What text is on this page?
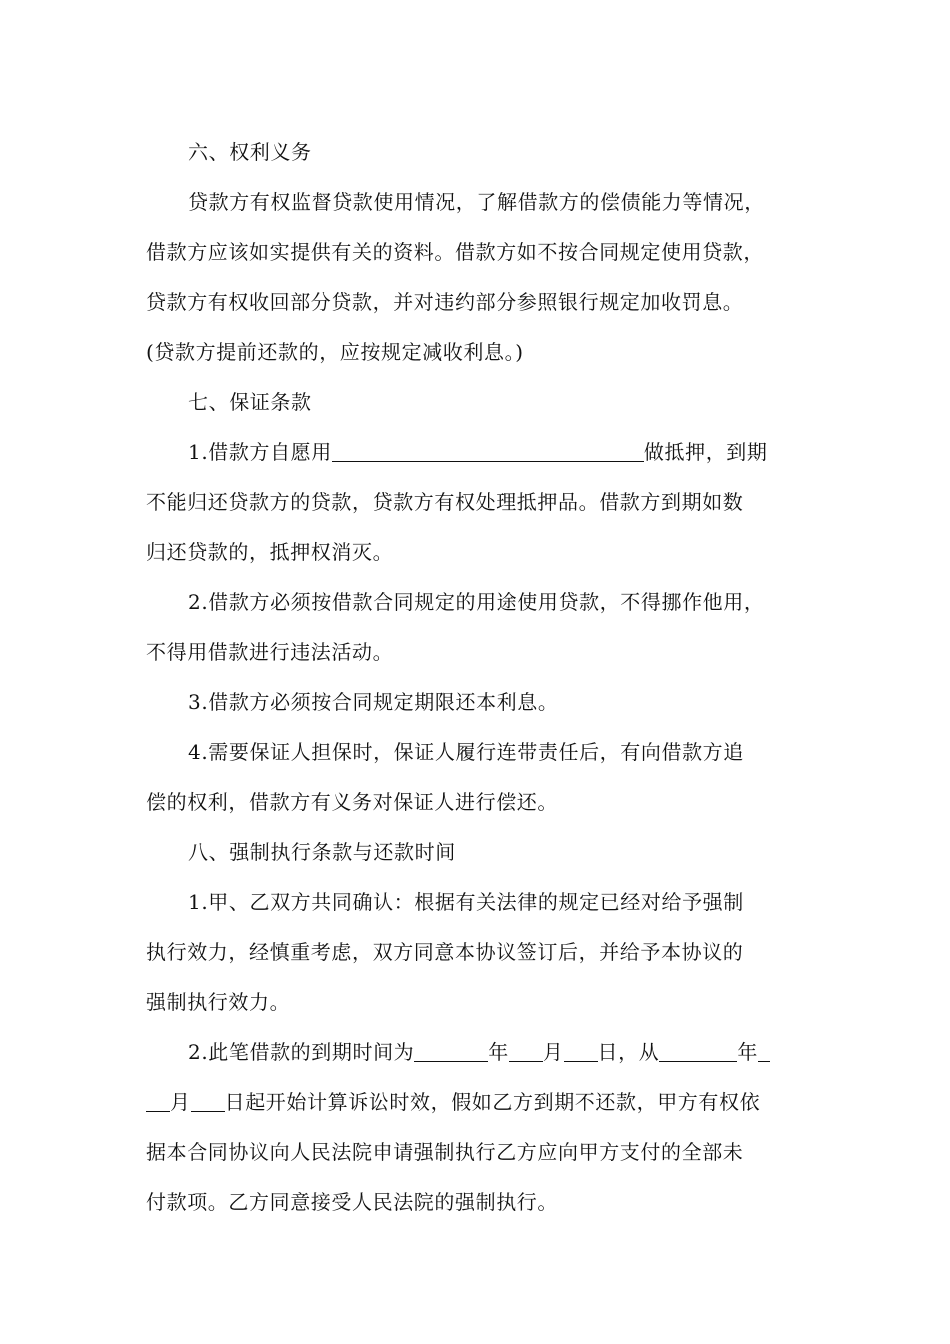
六、权利义务
贷款方有权监督贷款使用情况，了解借款方的偿债能力等情况，
借款方应该如实提供有关的资料。借款方如不按合同规定使用贷款，
贷款方有权收回部分贷款，并对违约部分参照银行规定加收罚息。
(贷款方提前还款的，应按规定减收利息。)
七、保证条款
1.借款方自愿用	做抵押，到期
不能归还贷款方的贷款，贷款方有权处理抵押品。借款方到期如数
归还贷款的，抵押权消灭。
2.借款方必须按借款合同规定的用途使用贷款，不得挪作他用，
不得用借款进行违法活动。
3.借款方必须按合同规定期限还本利息。
4.需要保证人担保时，保证人履行连带责任后，有向借款方追
偿的权利，借款方有义务对保证人进行偿还。
八、强制执行条款与还款时间
1.甲、乙双方共同确认：根据有关法律的规定已经对给予强制
执行效力，经慎重考虑，双方同意本协议签订后，并给予本协议的
强制执行效力。
2.此笔借款的到期时间为	年 月 日，从	年
月 日起开始计算诉讼时效，假如乙方到期不还款，甲方有权依
据本合同协议向人民法院申请强制执行乙方应向甲方支付的全部未
付款项。乙方同意接受人民法院的强制执行。
